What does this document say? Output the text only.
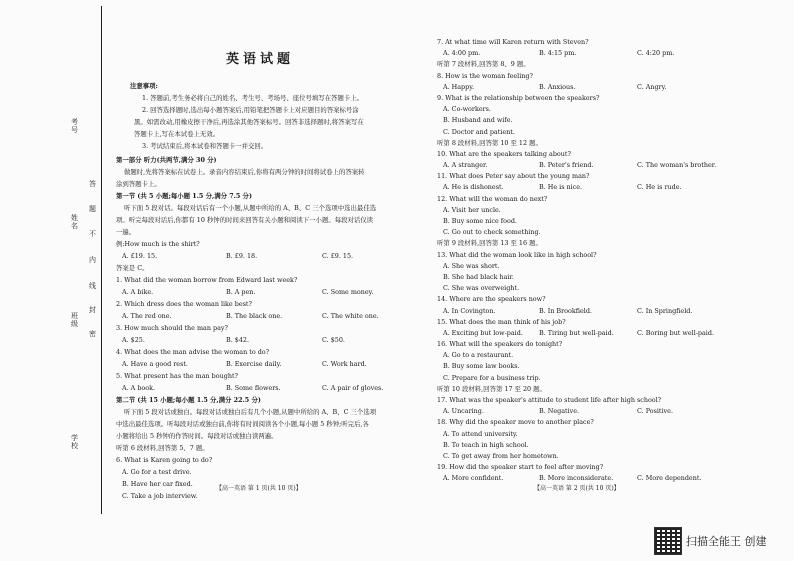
考号
姓名
班级
学校
答
题
不
内
线
封
密
英语试题
注意事项:
1. 答题前,考生务必将自己的姓名、考生号、考场号、座位号填写在答题卡上。
2. 回答选择题时,选出每小题答案后,用铅笔把答题卡上对应题目的答案标号涂
黑。如需改动,用橡皮擦干净后,再选涂其他答案标号。回答非选择题时,将答案写在
答题卡上,写在本试卷上无效。
3. 考试结束后,将本试卷和答题卡一并交回。
第一部分 听力(共两节,满分 30 分)
做题时,先将答案标在试卷上。录音内容结束后,你将有两分钟的时间将试卷上的答案转
涂到答题卡上。
第一节 (共 5 小题;每小题 1.5 分,满分 7.5 分)
听下面 5 段对话。每段对话后有一个小题,从题中所给的 A、B、C 三个选项中选出最佳选
项。听完每段对话后,你都有 10 秒钟的时间来回答有关小题和阅读下一小题。每段对话仅读
一遍。
例:How much is the shirt?
A. £19. 15.	B. £9. 18.	C. £9. 15.
答案是 C。
1. What did the woman borrow from Edward last week?
A. A bike.	B. A pen.	C. Some money.
2. Which dress does the woman like best?
A. The red one.	B. The black one.	C. The white one.
3. How much should the man pay?
A. $25.	B. $42.	C. $50.
4. What does the man advise the woman to do?
A. Have a good rest.	B. Exercise daily.	C. Work hard.
5. What present has the man bought?
A. A book.	B. Some flowers.	C. A pair of gloves.
第二节 (共 15 小题;每小题 1.5 分,满分 22.5 分)
听下面 5 段对话或独白。每段对话或独白后有几个小题,从题中所给的 A、B、C 三个选项
中选出最佳选项。听每段对话或独白前,你将有时间阅读各个小题,每小题 5 秒钟;听完后,各
小题将给出 5 秒钟的作答时间。每段对话或独白读两遍。
听第 6 段材料,回答第 5、7 题。
6. What is Karen going to do?
A. Go for a test drive.
B. Have her car fixed.
C. Take a job interview.
【高一英语 第 1 页(共 10 页)】
7. At what time will Karen return with Steven?
A. 4:00 pm.	B. 4:15 pm.	C. 4:20 pm.
听第 7 段材料,回答第 8、9 题。
8. How is the woman feeling?
A. Happy.	B. Anxious.	C. Angry.
9. What is the relationship between the speakers?
A. Co-workers.
B. Husband and wife.
C. Doctor and patient.
听第 8 段材料,回答第 10 至 12 题。
10. What are the speakers talking about?
A. A stranger.	B. Peter's friend.	C. The woman's brother.
11. What does Peter say about the young man?
A. He is dishonest.	B. He is nice.	C. He is rude.
12. What will the woman do next?
A. Visit her uncle.
B. Buy some nice food.
C. Go out to check something.
听第 9 段材料,回答第 13 至 16 题。
13. What did the woman look like in high school?
A. She was short.
B. She had black hair.
C. She was overweight.
14. Where are the speakers now?
A. In Covington.	B. In Brookfield.	C. In Springfield.
15. What does the man think of his job?
A. Exciting but low-paid.	B. Tiring but well-paid.	C. Boring but well-paid.
16. What will the speakers do tonight?
A. Go to a restaurant.
B. Buy some law books.
C. Prepare for a business trip.
听第 10 段材料,回答第 17 至 20 题。
17. What was the speaker's attitude to student life after high school?
A. Uncaring.	B. Negative.	C. Positive.
18. Why did the speaker move to another place?
A. To attend university.
B. To teach in high school.
C. To get away from her hometown.
19. How did the speaker start to feel after moving?
A. More confident.	B. More inconsiderate.	C. More dependent.
【高一英语 第 2 页(共 10 页)】
扫描全能王 创建
